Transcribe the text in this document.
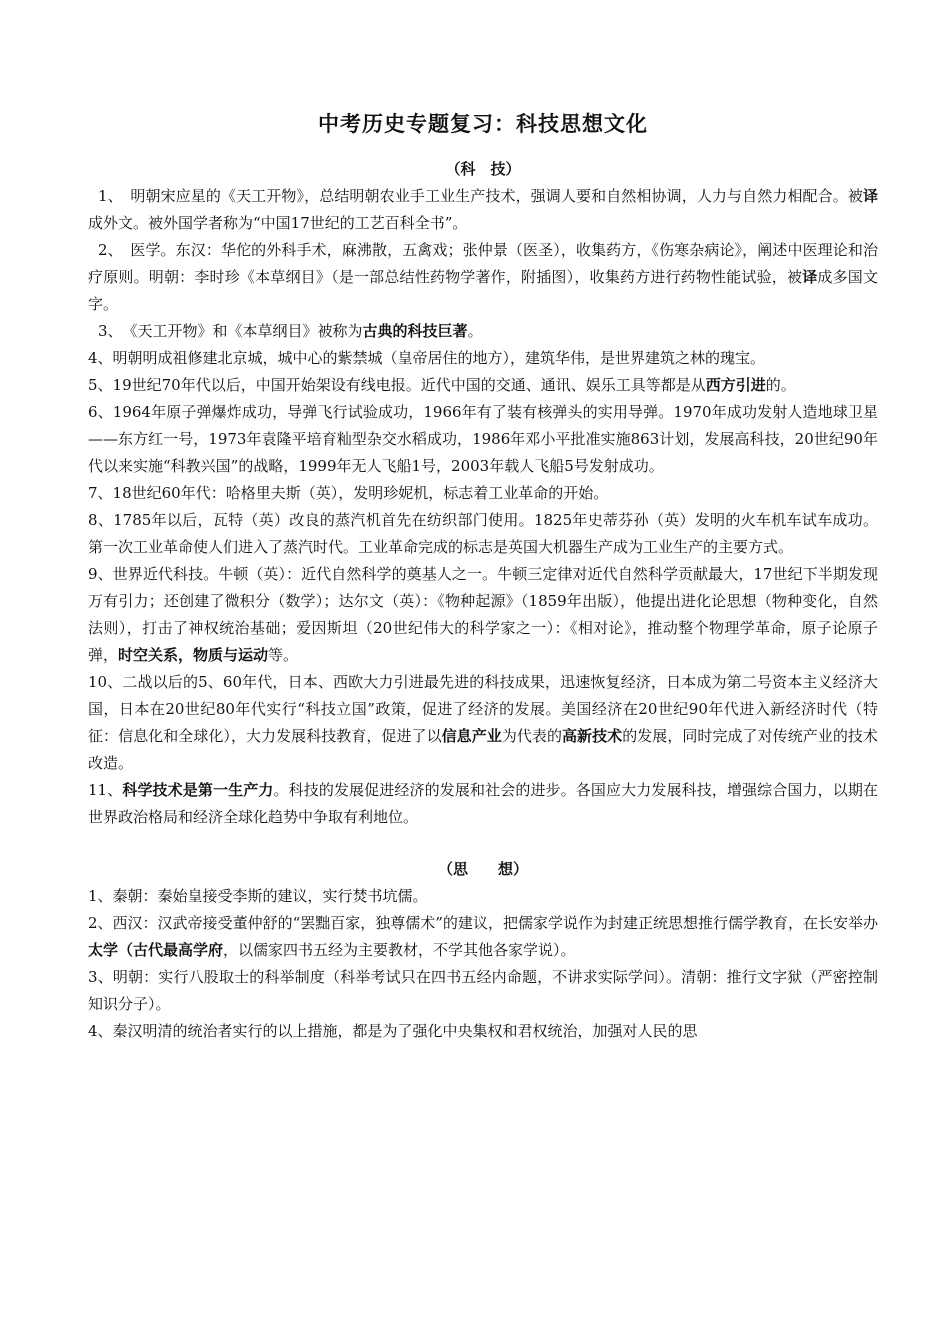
中考历史专题复习：科技思想文化

（科　技）

1、　明朝宋应星的《天工开物》，总结明朝农业手工业生产技术，强调人要和自然相协调，人力与自然力相配合。被译成外文。被外国学者称为“中国17世纪的工艺百科全书”。

2、　医学。东汉：华佗的外科手术，麻沸散，五禽戏；张仲景（医圣），收集药方，《伤寒杂病论》，阐述中医理论和治疗原则。明朝：李时珍《本草纲目》（是一部总结性药物学著作，附插图），收集药方进行药物性能试验，被译成多国文字。

3、　《天工开物》和《本草纲目》被称为古典的科技巨著。

4、明朝明成祖修建北京城，城中心的紫禁城（皇帝居住的地方），建筑华伟，是世界建筑之林的瑰宝。

5、19世纪70年代以后，中国开始架设有线电报。近代中国的交通、通讯、娱乐工具等都是从西方引进的。

6、1964年原子弹爆炸成功，导弹飞行试验成功，1966年有了装有核弹头的实用导弹。1970年成功发射人造地球卫星——东方红一号，1973年袁隆平培育籼型杂交水稻成功，1986年邓小平批准实施863计划，发展高科技，20世纪90年代以来实施“科教兴国”的战略，1999年无人飞船1号，2003年载人飞船5号发射成功。

7、18世纪60年代：哈格里夫斯（英），发明珍妮机，标志着工业革命的开始。

8、1785年以后，瓦特（英）改良的蒸汽机首先在纺织部门使用。1825年史蒂芬孙（英）发明的火车机车试车成功。第一次工业革命使人们进入了蒸汽时代。工业革命完成的标志是英国大机器生产成为工业生产的主要方式。

9、世界近代科技。牛顿（英）：近代自然科学的奠基人之一。牛顿三定律对近代自然科学贡献最大，17世纪下半期发现万有引力；还创建了微积分（数学）；达尔文（英）：《物种起源》（1859年出版），他提出进化论思想（物种变化，自然法则），打击了神权统治基础；爱因斯坦（20世纪伟大的科学家之一）：《相对论》，推动整个物理学革命，原子论原子弹，时空关系，物质与运动等。

10、二战以后的5、60年代，日本、西欧大力引进最先进的科技成果，迅速恢复经济，日本成为第二号资本主义经济大国，日本在20世纪80年代实行“科技立国”政策，促进了经济的发展。美国经济在20世纪90年代进入新经济时代（特征：信息化和全球化），大力发展科技教育，促进了以信息产业为代表的高新技术的发展，同时完成了对传统产业的技术改造。

11、科学技术是第一生产力。科技的发展促进经济的发展和社会的进步。各国应大力发展科技，增强综合国力，以期在世界政治格局和经济全球化趋势中争取有利地位。

（思　　想）

1、秦朝：秦始皇接受李斯的建议，实行焚书坑儒。

2、西汉：汉武帝接受董仲舒的“罢黜百家，独尊儒术”的建议，把儒家学说作为封建正统思想推行儒学教育，在长安举办太学（古代最高学府，以儒家四书五经为主要教材，不学其他各家学说）。

3、明朝：实行八股取士的科举制度（科举考试只在四书五经内命题，不讲求实际学问）。清朝：推行文字狱（严密控制知识分子）。

4、秦汉明清的统治者实行的以上措施，都是为了强化中央集权和君权统治，加强对人民的思
